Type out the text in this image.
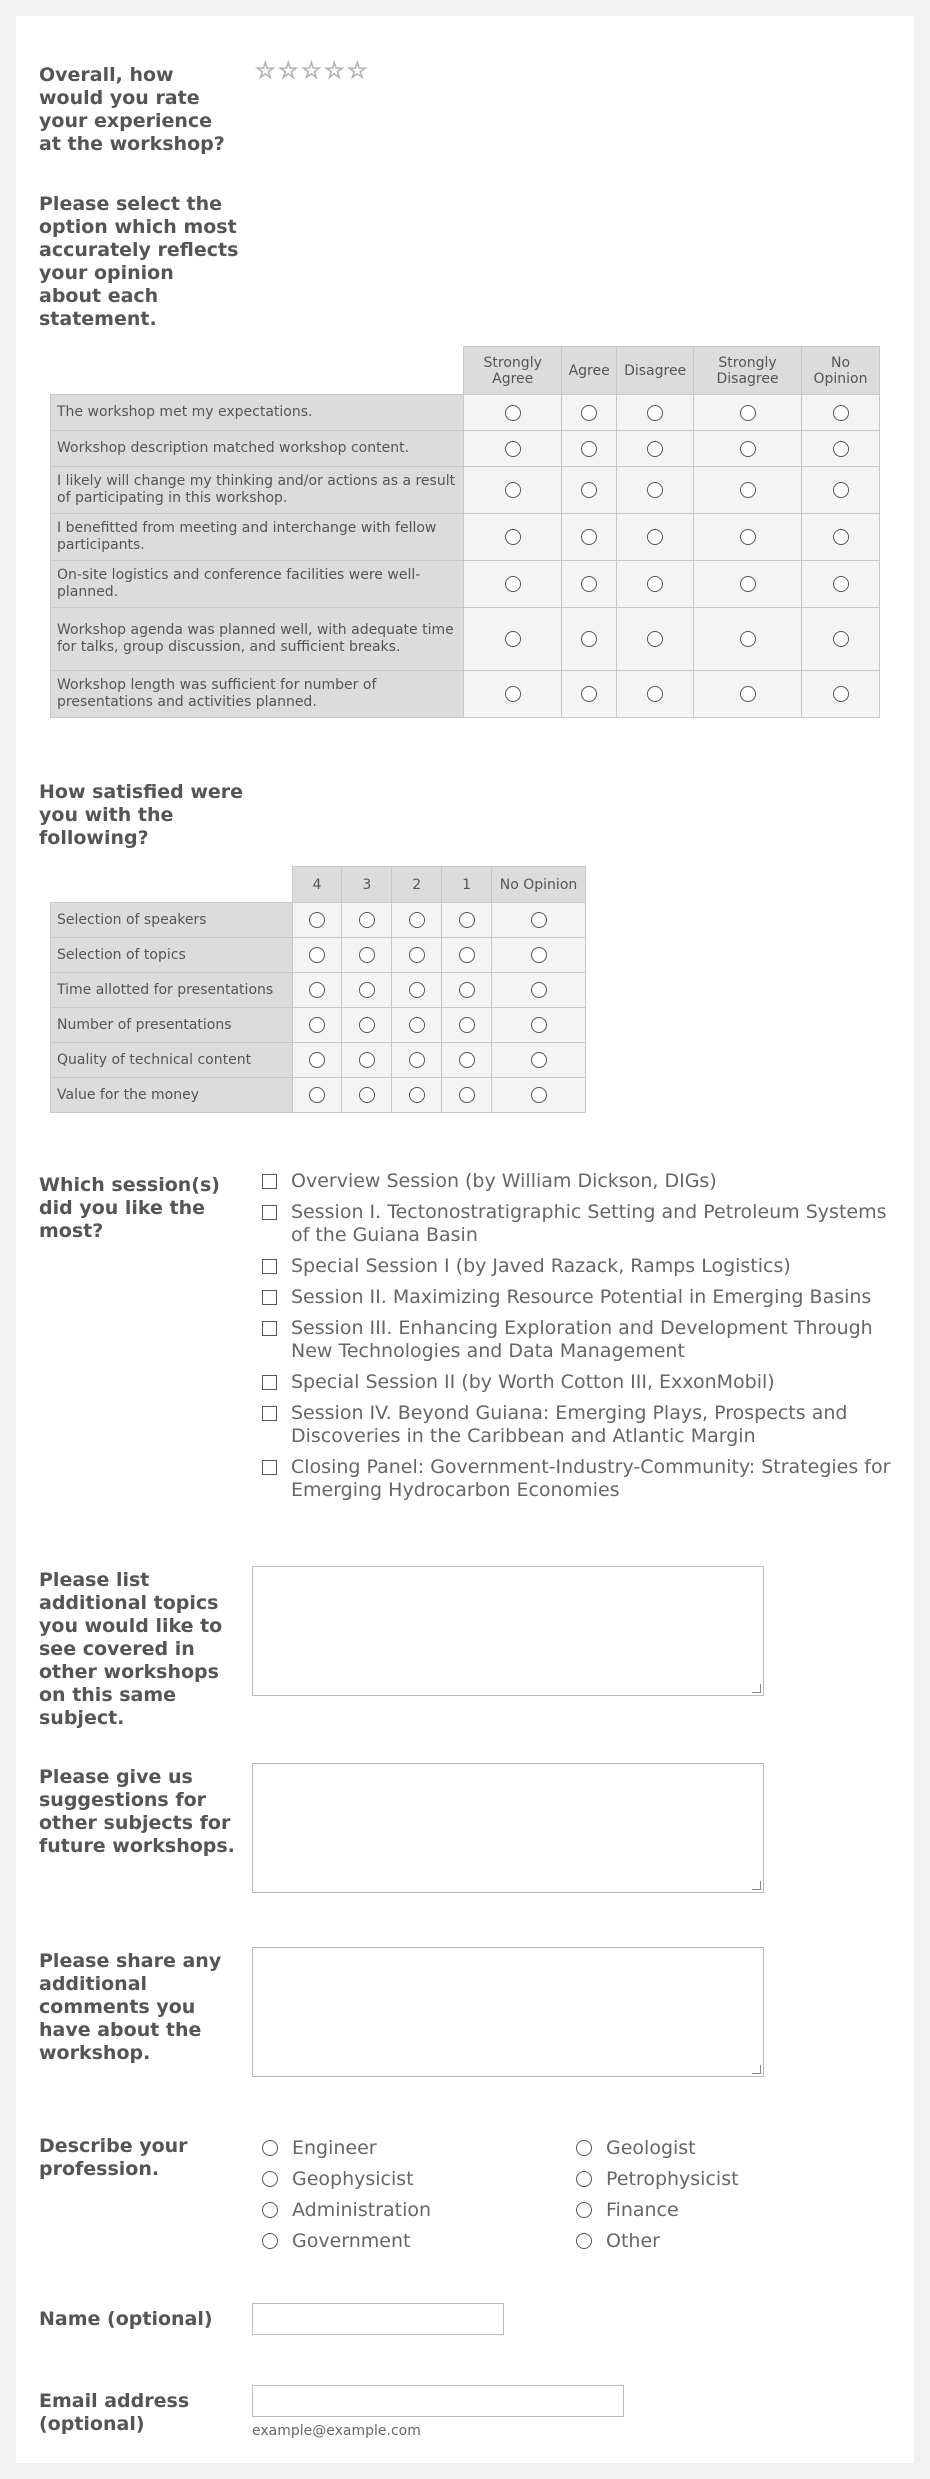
Overall, how would you rate your experience at the workshop?
☆ ☆ ☆ ☆ ☆
Please select the option which most accurately reflects your opinion about each statement.
	Strongly Agree	Agree	Disagree	Strongly Disagree	No Opinion
The workshop met my expectations.					
Workshop description matched workshop content.					
I likely will change my thinking and/or actions as a result of participating in this workshop.					
I benefitted from meeting and interchange with fellow participants.					
On-site logistics and conference facilities were well-planned.					
Workshop agenda was planned well, with adequate time for talks, group discussion, and sufficient breaks.					
Workshop length was sufficient for number of presentations and activities planned.					
How satisfied were you with the following?
	4	3	2	1	No Opinion
Selection of speakers					
Selection of topics					
Time allotted for presentations					
Number of presentations					
Quality of technical content					
Value for the money					
Which session(s) did you like the most?
Overview Session (by William Dickson, DIGs)
Session I. Tectonostratigraphic Setting and Petroleum Systems of the Guiana Basin
Special Session I (by Javed Razack, Ramps Logistics)
Session II. Maximizing Resource Potential in Emerging Basins
Session III. Enhancing Exploration and Development Through New Technologies and Data Management
Special Session II (by Worth Cotton III, ExxonMobil)
Session IV. Beyond Guiana: Emerging Plays, Prospects and Discoveries in the Caribbean and Atlantic Margin
Closing Panel: Government-Industry-Community: Strategies for Emerging Hydrocarbon Economies
Please list additional topics you would like to see covered in other workshops on this same subject.
Please give us suggestions for other subjects for future workshops.
Please share any additional comments you have about the workshop.
Describe your profession.
Engineer
Geophysicist
Administration
Government
Geologist
Petrophysicist
Finance
Other
Name (optional)
Email address (optional)	example@example.com
